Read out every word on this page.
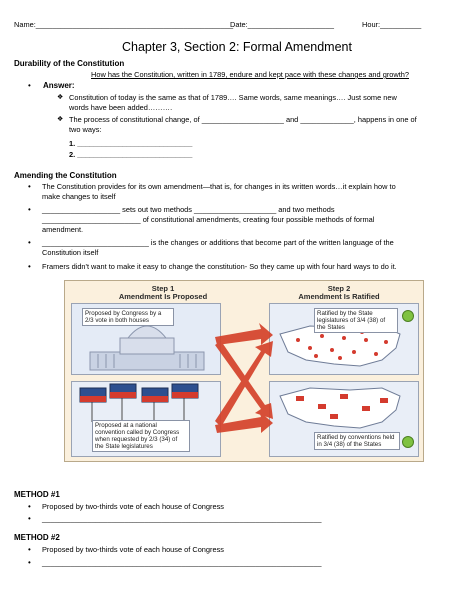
Name:________________________________________________
Date:_____________________	Hour:__________
Chapter 3, Section 2: Formal Amendment
Durability of the Constitution
How has the Constitution, written in 1789, endure and kept pace with these changes and growth?
• Answer:
❖ Constitution of today is the same as that of 1789…. Same words, same meanings…. Just some new
words have been added……….
❖ The process of constitutional change, of ____________________ and _____________, happens in one of
two ways:
1. ____________________________
2. ____________________________
Amending the Constitution
• The Constitution provides for its own amendment—that is, for changes in its written words…it explain how to
make changes to itself
• ___________________ sets out two methods ____________________ and two methods
________________________ of constitutional amendments, creating four possible methods of formal
amendment.
• __________________________ is the changes or additions that become part of the written language of the
Constitution itself
• Framers didn't want to make it easy to change the constitution- So they came up with four hard ways to do it.
Step 1
Amendment Is Proposed
Step 2
Amendment Is Ratified
Proposed by Congress by a 2/3 vote in both houses
Ratified by the State legislatures of 3/4 (38) of the States
Proposed at a national convention called by Congress when requested by 2/3 (34) of the State legislatures
Ratified by conventions held in 3/4 (38) of the States
METHOD #1
• Proposed by two-thirds vote of each house of Congress
• ____________________________________________________________________
METHOD #2
• Proposed by two-thirds vote of each house of Congress
• ____________________________________________________________________
